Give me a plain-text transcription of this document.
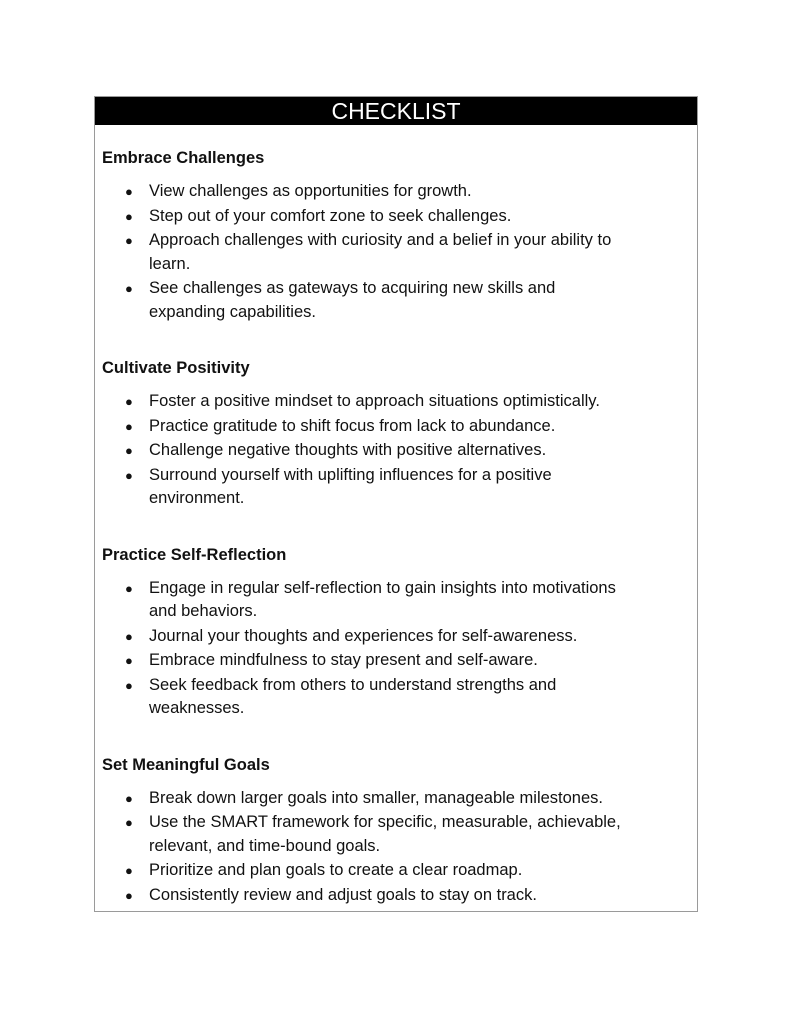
CHECKLIST
Embrace Challenges
● View challenges as opportunities for growth.
● Step out of your comfort zone to seek challenges.
● Approach challenges with curiosity and a belief in your ability to learn.
● See challenges as gateways to acquiring new skills and expanding capabilities.
Cultivate Positivity
● Foster a positive mindset to approach situations optimistically.
● Practice gratitude to shift focus from lack to abundance.
● Challenge negative thoughts with positive alternatives.
● Surround yourself with uplifting influences for a positive environment.
Practice Self-Reflection
● Engage in regular self-reflection to gain insights into motivations and behaviors.
● Journal your thoughts and experiences for self-awareness.
● Embrace mindfulness to stay present and self-aware.
● Seek feedback from others to understand strengths and weaknesses.
Set Meaningful Goals
● Break down larger goals into smaller, manageable milestones.
● Use the SMART framework for specific, measurable, achievable, relevant, and time-bound goals.
● Prioritize and plan goals to create a clear roadmap.
● Consistently review and adjust goals to stay on track.
